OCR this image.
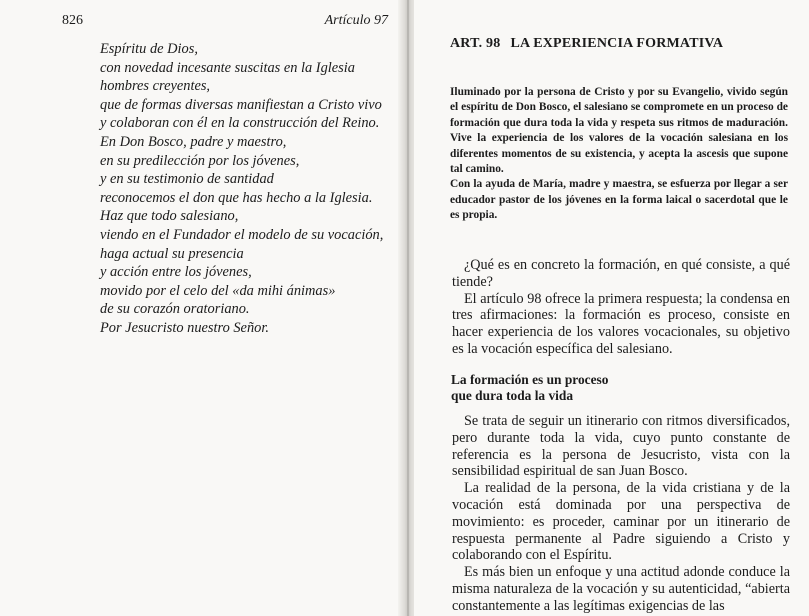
826	Artículo 97
Espíritu de Dios,
con novedad incesante suscitas en la Iglesia
hombres creyentes,
que de formas diversas manifiestan a Cristo vivo
y colaboran con él en la construcción del Reino.
En Don Bosco, padre y maestro,
en su predilección por los jóvenes,
y en su testimonio de santidad
reconocemos el don que has hecho a la Iglesia.
Haz que todo salesiano,
viendo en el Fundador el modelo de su vocación,
haga actual su presencia
y acción entre los jóvenes,
movido por el celo del «da mihi ánimas»
de su corazón oratoriano.
Por Jesucristo nuestro Señor.
ART. 98 LA EXPERIENCIA FORMATIVA

Iluminado por la persona de Cristo y por su Evangelio, vivido según el espíritu de Don Bosco, el salesiano se compromete en un proceso de formación que dura toda la vida y respeta sus ritmos de maduración. Vive la experiencia de los valores de la vocación salesiana en los diferentes momentos de su existencia, y acepta la ascesis que supone tal camino.

Con la ayuda de María, madre y maestra, se esfuerza por llegar a ser educador pastor de los jóvenes en la forma laical o sacerdotal que le es propia.

¿Qué es en concreto la formación, en qué consiste, a qué tiende?

El artículo 98 ofrece la primera respuesta; la condensa en tres afirmaciones: la formación es proceso, consiste en hacer experiencia de los valores vocacionales, su objetivo es la vocación específica del salesiano.

La formación es un proceso
que dura toda la vida

Se trata de seguir un itinerario con ritmos diversificados, pero durante toda la vida, cuyo punto constante de referencia es la persona de Jesucristo, vista con la sensibilidad espiritual de san Juan Bosco.

La realidad de la persona, de la vida cristiana y de la vocación está dominada por una perspectiva de movimiento: es proceder, caminar por un itinerario de respuesta permanente al Padre siguiendo a Cristo y colaborando con el Espíritu.

Es más bien un enfoque y una actitud adonde conduce la misma naturaleza de la vocación y su autenticidad, “abierta constantemente a las legítimas exigencias de las
